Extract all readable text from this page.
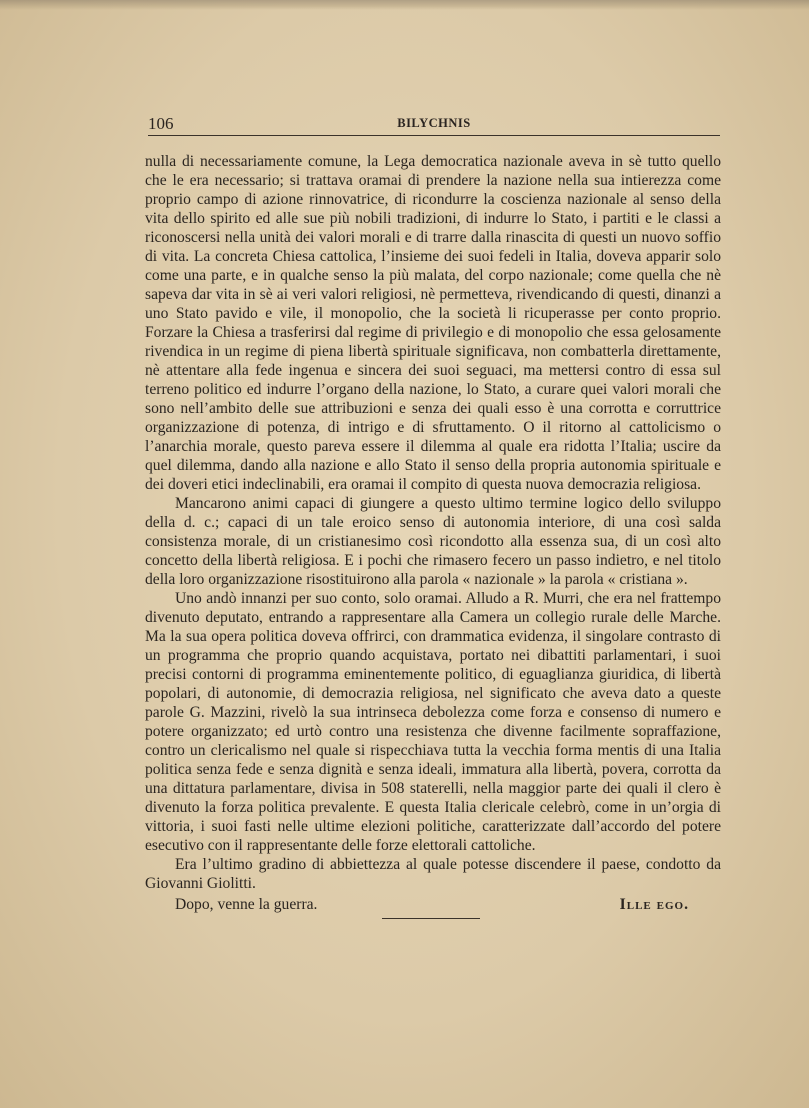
106	BILYCHNIS

nulla di necessariamente comune, la Lega democratica nazionale aveva in sè tutto quello che le era necessario; si trattava oramai di prendere la nazione nella sua intierezza come proprio campo di azione rinnovatrice, di ricondurre la coscienza nazionale al senso della vita dello spirito ed alle sue più nobili tradizioni, di indurre lo Stato, i partiti e le classi a riconoscersi nella unità dei valori morali e di trarre dalla rinascita di questi un nuovo soffio di vita. La concreta Chiesa cattolica, l’insieme dei suoi fedeli in Italia, doveva apparir solo come una parte, e in qualche senso la più malata, del corpo nazionale; come quella che nè sapeva dar vita in sè ai veri valori religiosi, nè permetteva, rivendicando di questi, dinanzi a uno Stato pavido e vile, il monopolio, che la società li ricuperasse per conto proprio. Forzare la Chiesa a trasferirsi dal regime di privilegio e di monopolio che essa gelosamente rivendica in un regime di piena libertà spirituale significava, non combatterla direttamente, nè attentare alla fede ingenua e sincera dei suoi seguaci, ma mettersi contro di essa sul terreno politico ed indurre l’organo della nazione, lo Stato, a curare quei valori morali che sono nell’ambito delle sue attribuzioni e senza dei quali esso è una corrotta e corruttrice organizzazione di potenza, di intrigo e di sfruttamento. O il ritorno al cattolicismo o l’anarchia morale, questo pareva essere il dilemma al quale era ridotta l’Italia; uscire da quel dilemma, dando alla nazione e allo Stato il senso della propria autonomia spirituale e dei doveri etici indeclinabili, era oramai il compito di questa nuova democrazia religiosa.

Mancarono animi capaci di giungere a questo ultimo termine logico dello sviluppo della d. c.; capaci di un tale eroico senso di autonomia interiore, di una così salda consistenza morale, di un cristianesimo così ricondotto alla essenza sua, di un così alto concetto della libertà religiosa. E i pochi che rimasero fecero un passo indietro, e nel titolo della loro organizzazione risostituirono alla parola « nazionale » la parola « cristiana ».

Uno andò innanzi per suo conto, solo oramai. Alludo a R. Murri, che era nel frattempo divenuto deputato, entrando a rappresentare alla Camera un collegio rurale delle Marche. Ma la sua opera politica doveva offrirci, con drammatica evidenza, il singolare contrasto di un programma che proprio quando acquistava, portato nei dibattiti parlamentari, i suoi precisi contorni di programma eminentemente politico, di eguaglianza giuridica, di libertà popolari, di autonomie, di democrazia religiosa, nel significato che aveva dato a queste parole G. Mazzini, rivelò la sua intrinseca debolezza come forza e consenso di numero e potere organizzato; ed urtò contro una resistenza che divenne facilmente sopraffazione, contro un clericalismo nel quale si rispecchiava tutta la vecchia forma mentis di una Italia politica senza fede e senza dignità e senza ideali, immatura alla libertà, povera, corrotta da una dittatura parlamentare, divisa in 508 staterelli, nella maggior parte dei quali il clero è divenuto la forza politica prevalente. E questa Italia clericale celebrò, come in un’orgia di vittoria, i suoi fasti nelle ultime elezioni politiche, caratterizzate dall’accordo del potere esecutivo con il rappresentante delle forze elettorali cattoliche.

Era l’ultimo gradino di abbiettezza al quale potesse discendere il paese, condotto da Giovanni Giolitti.

Dopo, venne la guerra.	Ille ego.
